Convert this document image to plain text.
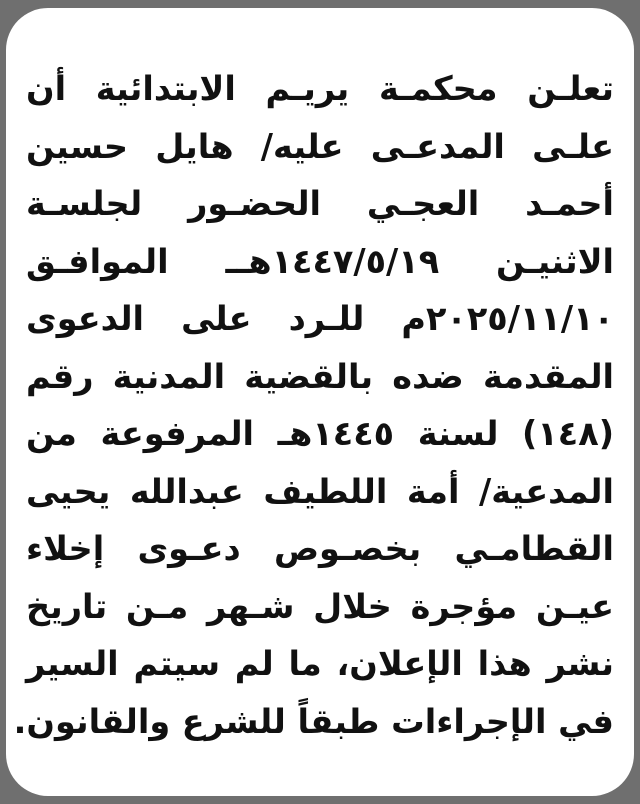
تعلـن محكمـة يريـم الابتدائية أن
علـى المدعـى عليه/ هايل حسين
أحمـد العجـي الحضـور لجلسـة
الاثنيـن ١٤٤٧/٥/١٩هــ الموافـق
٢٠٢٥/١١/١٠م للـرد على الدعوى
المقدمة ضده بالقضية المدنية رقم
(١٤٨) لسنة ١٤٤٥هـ المرفوعة من
المدعية/ أمة اللطيف عبدالله يحيى
القطامـي بخصـوص دعـوى إخلاء
عيـن مؤجرة خلال شـهر مـن تاريخ
نشر هذا الإعلان، ما لم سيتم السير
في الإجراءات طبقاً للشرع والقانون.
